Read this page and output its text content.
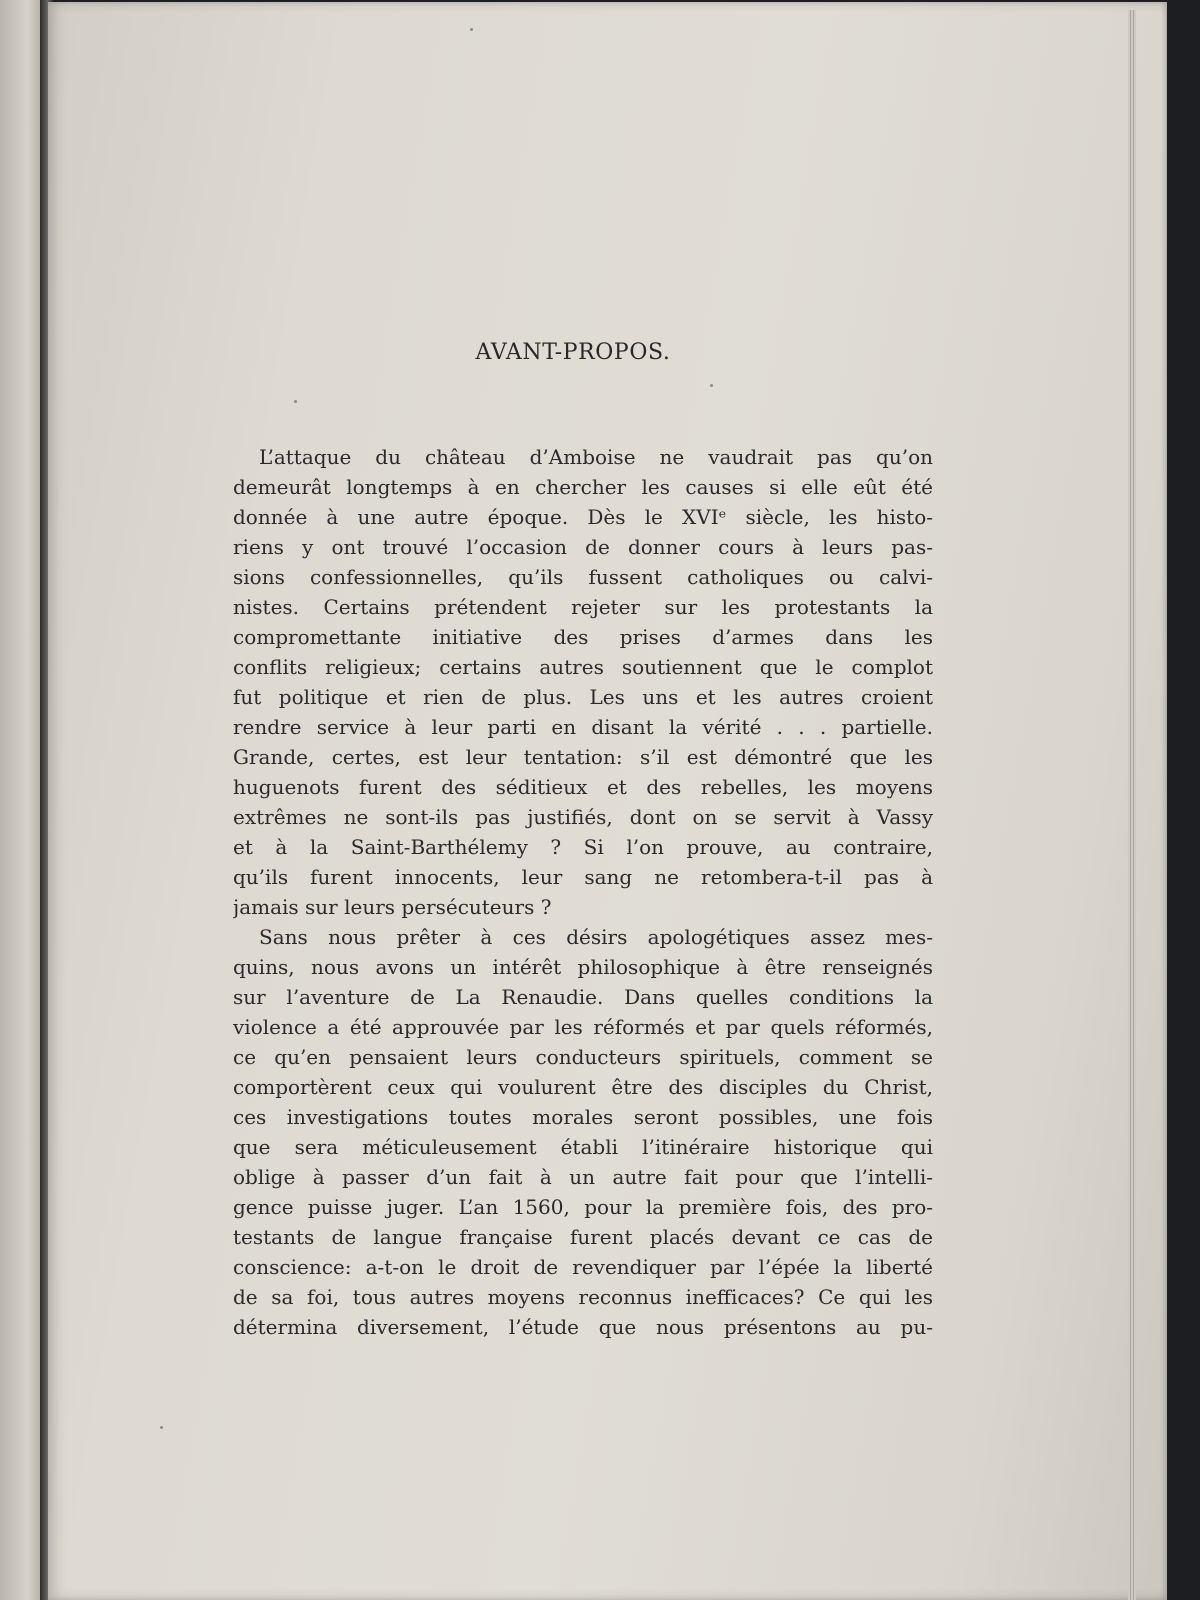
AVANT-PROPOS.
L’attaque du château d’Amboise ne vaudrait pas qu’on
demeurât longtemps à en chercher les causes si elle eût été
donnée à une autre époque. Dès le XVIᵉ siècle, les histo-
riens y ont trouvé l’occasion de donner cours à leurs pas-
sions confessionnelles, qu’ils fussent catholiques ou calvi-
nistes. Certains prétendent rejeter sur les protestants la
compromettante initiative des prises d’armes dans les
conflits religieux; certains autres soutiennent que le complot
fut politique et rien de plus. Les uns et les autres croient
rendre service à leur parti en disant la vérité . . . partielle.
Grande, certes, est leur tentation: s’il est démontré que les
huguenots furent des séditieux et des rebelles, les moyens
extrêmes ne sont-ils pas justifiés, dont on se servit à Vassy
et à la Saint-Barthélemy ? Si l’on prouve, au contraire,
qu’ils furent innocents, leur sang ne retombera-t-il pas à
jamais sur leurs persécuteurs ?
Sans nous prêter à ces désirs apologétiques assez mes-
quins, nous avons un intérêt philosophique à être renseignés
sur l’aventure de La Renaudie. Dans quelles conditions la
violence a été approuvée par les réformés et par quels réformés,
ce qu’en pensaient leurs conducteurs spirituels, comment se
comportèrent ceux qui voulurent être des disciples du Christ,
ces investigations toutes morales seront possibles, une fois
que sera méticuleusement établi l’itinéraire historique qui
oblige à passer d’un fait à un autre fait pour que l’intelli-
gence puisse juger. L’an 1560, pour la première fois, des pro-
testants de langue française furent placés devant ce cas de
conscience: a-t-on le droit de revendiquer par l’épée la liberté
de sa foi, tous autres moyens reconnus inefficaces? Ce qui les
détermina diversement, l’étude que nous présentons au pu-
